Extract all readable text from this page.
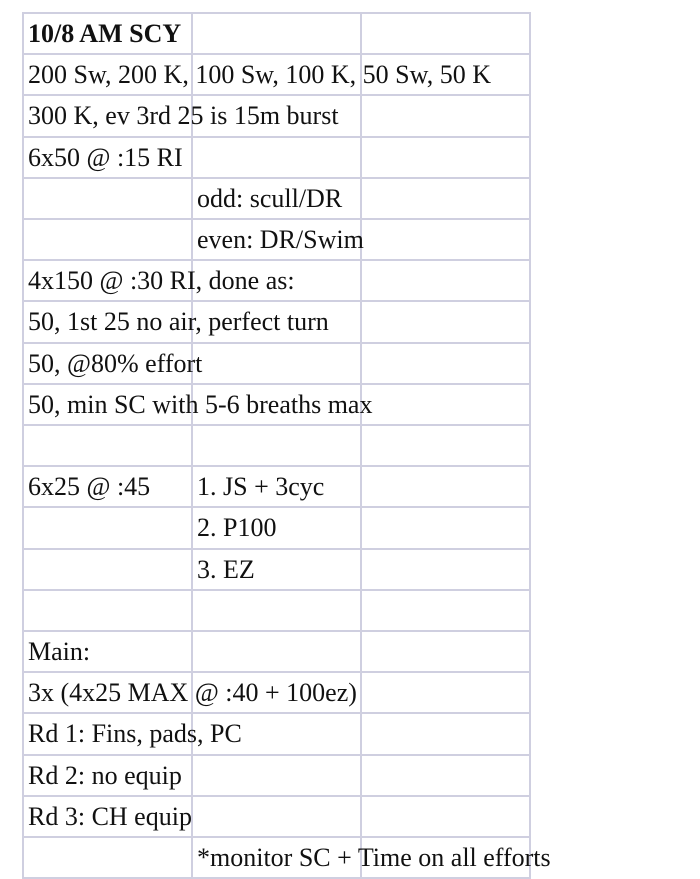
10/8 AM SCY
200 Sw, 200 K, 100 Sw, 100 K, 50 Sw, 50 K
300 K, ev 3rd 25 is 15m burst
6x50 @ :15 RI
odd: scull/DR
even: DR/Swim
4x150 @ :30 RI, done as:
50, 1st 25 no air, perfect turn
50, @80% effort
50, min SC with 5-6 breaths max
6x25 @ :45 1. JS + 3cyc
2. P100
3. EZ
Main:
3x (4x25 MAX @ :40 + 100ez)
Rd 1: Fins, pads, PC
Rd 2: no equip
Rd 3: CH equip
*monitor SC + Time on all efforts
